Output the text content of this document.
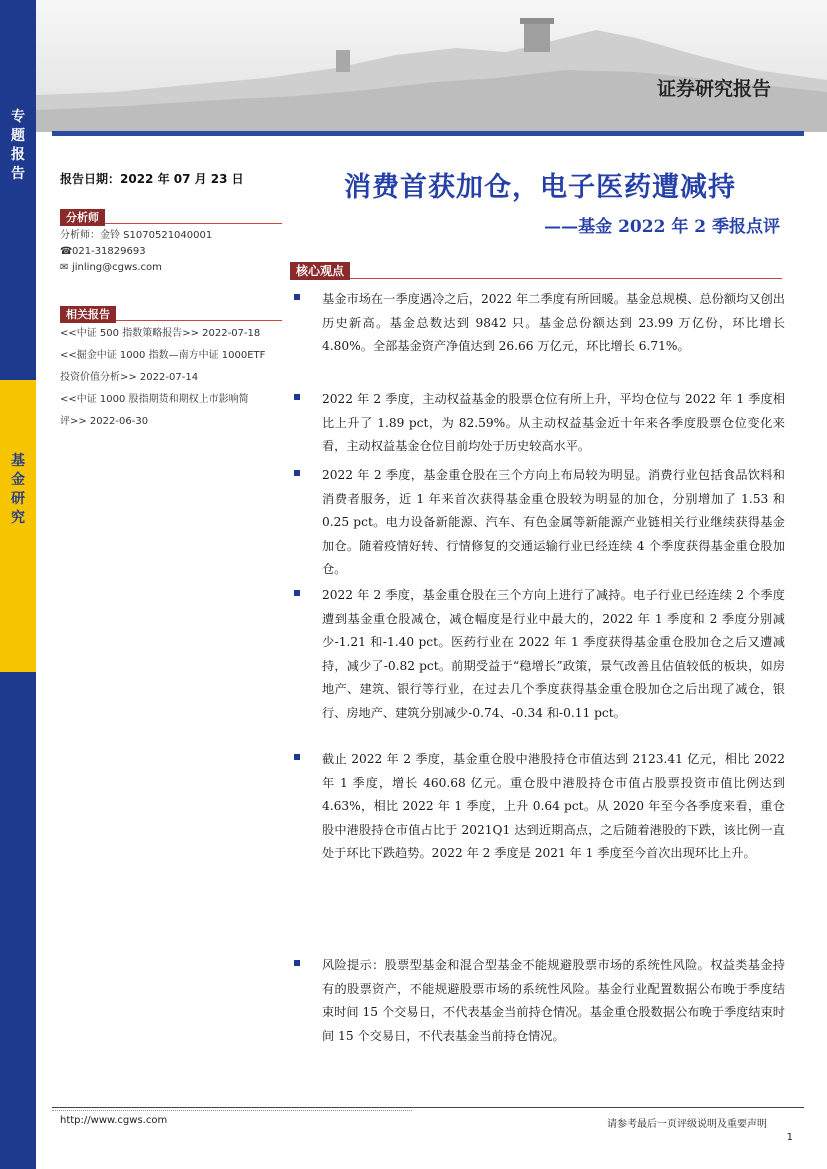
专
题
报
告
基
金
研
究
证券研究报告
报告日期：2022 年 07 月 23 日
分析师
分析师：金铃 S1070521040001
☎021-31829693
✉ jinling@cgws.com
相关报告
<<中证 500 指数策略报告>> 2022-07-18
<<掘金中证 1000 指数—南方中证 1000ETF
投资价值分析>> 2022-07-14
<<中证 1000 股指期货和期权上市影响简
评>> 2022-06-30
消费首获加仓，电子医药遭减持
——基金 2022 年 2 季报点评
核心观点
基金市场在一季度遇冷之后，2022 年二季度有所回暖。基金总规模、总份额均又创出历史新高。基金总数达到 9842 只。基金总份额达到 23.99 万亿份，环比增长 4.80%。全部基金资产净值达到 26.66 万亿元，环比增长 6.71%。
2022 年 2 季度，主动权益基金的股票仓位有所上升，平均仓位与 2022 年 1 季度相比上升了 1.89 pct，为 82.59%。从主动权益基金近十年来各季度股票仓位变化来看，主动权益基金仓位目前均处于历史较高水平。
2022 年 2 季度，基金重仓股在三个方向上布局较为明显。消费行业包括食品饮料和消费者服务，近 1 年来首次获得基金重仓股较为明显的加仓，分别增加了 1.53 和 0.25 pct。电力设备新能源、汽车、有色金属等新能源产业链相关行业继续获得基金加仓。随着疫情好转、行情修复的交通运输行业已经连续 4 个季度获得基金重仓股加仓。
2022 年 2 季度，基金重仓股在三个方向上进行了减持。电子行业已经连续 2 个季度遭到基金重仓股减仓，减仓幅度是行业中最大的，2022 年 1 季度和 2 季度分别减少-1.21 和-1.40 pct。医药行业在 2022 年 1 季度获得基金重仓股加仓之后又遭减持，减少了-0.82 pct。前期受益于“稳增长”政策，景气改善且估值较低的板块，如房地产、建筑、银行等行业，在过去几个季度获得基金重仓股加仓之后出现了减仓，银行、房地产、建筑分别减少-0.74、-0.34 和-0.11 pct。
截止 2022 年 2 季度，基金重仓股中港股持仓市值达到 2123.41 亿元，相比 2022 年 1 季度，增长 460.68 亿元。重仓股中港股持仓市值占股票投资市值比例达到 4.63%，相比 2022 年 1 季度，上升 0.64 pct。从 2020 年至今各季度来看，重仓股中港股持仓市值占比于 2021Q1 达到近期高点，之后随着港股的下跌，该比例一直处于环比下跌趋势。2022 年 2 季度是 2021 年 1 季度至今首次出现环比上升。
风险提示：股票型基金和混合型基金不能规避股票市场的系统性风险。权益类基金持有的股票资产，不能规避股票市场的系统性风险。基金行业配置数据公布晚于季度结束时间 15 个交易日，不代表基金当前持仓情况。基金重仓股数据公布晚于季度结束时间 15 个交易日，不代表基金当前持仓情况。
http://www.cgws.com	请参考最后一页评级说明及重要声明
1
